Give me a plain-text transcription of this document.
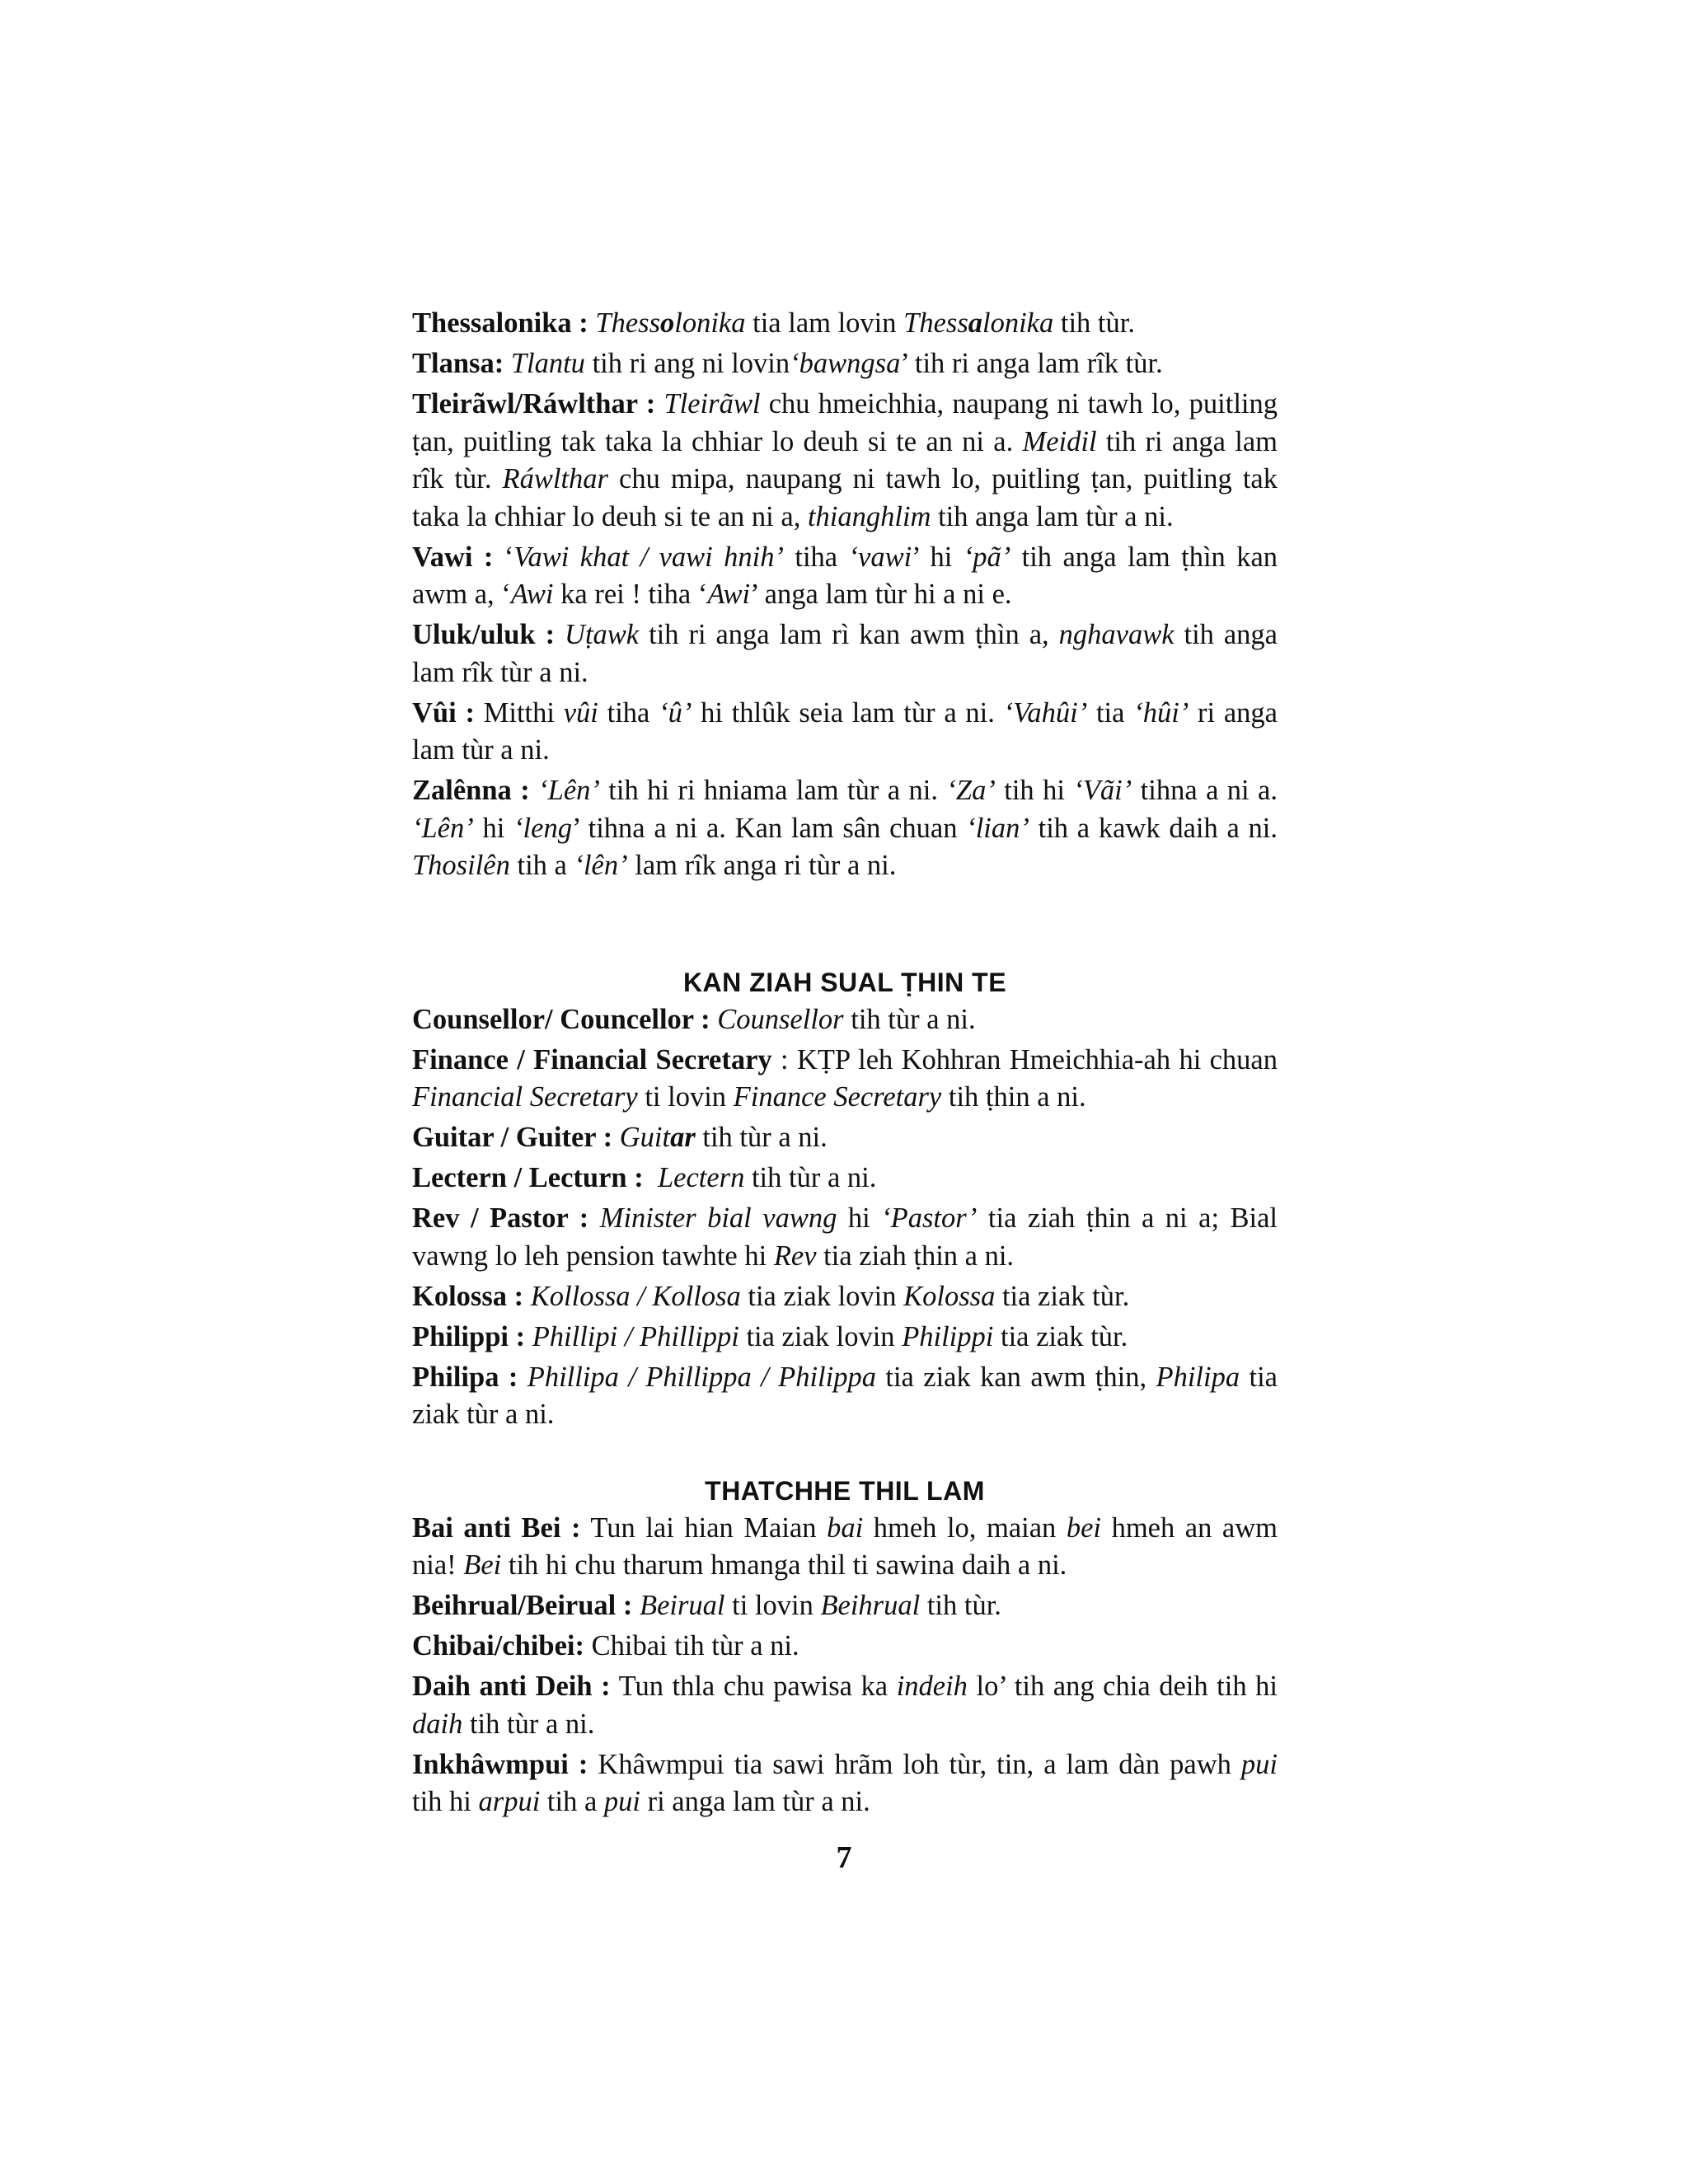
Thessalonika : Thessolonika tia lam lovin Thessalonika tih tùr.
Tlansa: Tlantu tih ri ang ni lovin‘bawngsa’ tih ri anga lam rîk tùr.
Tleirãwl/Ráwlthar : Tleirãwl chu hmeichhia, naupang ni tawh lo, puitling ṭan, puitling tak taka la chhiar lo deuh si te an ni a. Meidil tih ri anga lam rîk tùr. Ráwlthar chu mipa, naupang ni tawh lo, puitling ṭan, puitling tak taka la chhiar lo deuh si te an ni a, thianghlim tih anga lam tùr a ni.
Vawi : ‘Vawi khat / vawi hnih’ tiha ‘vawi’ hi ‘pã’ tih anga lam ṭhìn kan awm a, ‘Awi ka rei ! tiha ‘Awi’ anga lam tùr hi a ni e.
Uluk/uluk : Uṭawk tih ri anga lam rì kan awm ṭhìn a, nghavawk tih anga lam rîk tùr a ni.
Vûi : Mitthi vûi tiha ‘û’ hi thlûk seia lam tùr a ni. ‘Vahûi’ tia ‘hûi’ ri anga lam tùr a ni.
Zalênna : ‘Lên’ tih hi ri hniama lam tùr a ni. ‘Za’ tih hi ‘Vãi’ tihna a ni a. ‘Lên’ hi ‘leng’ tihna a ni a. Kan lam sân chuan ‘lian’ tih a kawk daih a ni. Thosilên tih a ‘lên’ lam rîk anga ri tùr a ni.
KAN ZIAH SUAL ṬHIN TE
Counsellor/ Councellor : Counsellor tih tùr a ni.
Finance / Financial Secretary : KṬP leh Kohhran Hmeichhia-ah hi chuan Financial Secretary ti lovin Finance Secretary tih ṭhin a ni.
Guitar / Guiter : Guitar tih tùr a ni.
Lectern / Lecturn : Lectern tih tùr a ni.
Rev / Pastor : Minister bial vawng hi ‘Pastor’ tia ziah ṭhin a ni a; Bial vawng lo leh pension tawhte hi Rev tia ziah ṭhin a ni.
Kolossa : Kollossa / Kollosa tia ziak lovin Kolossa tia ziak tùr.
Philippi : Phillipi / Phillippi tia ziak lovin Philippi tia ziak tùr.
Philipa : Phillipa / Phillippa / Philippa tia ziak kan awm ṭhin, Philipa tia ziak tùr a ni.
THATCHHE THIL LAM
Bai anti Bei : Tun lai hian Maian bai hmeh lo, maian bei hmeh an awm nia! Bei tih hi chu tharum hmanga thil ti sawina daih a ni.
Beihrual/Beirual : Beirual ti lovin Beihrual tih tùr.
Chibai/chibei: Chibai tih tùr a ni.
Daih anti Deih : Tun thla chu pawisa ka indeih lo’ tih ang chia deih tih hi daih tih tùr a ni.
Inkhâwmpui : Khâwmpui tia sawi hrãm loh tùr, tin, a lam dàn pawh pui tih hi arpui tih a pui ri anga lam tùr a ni.
7
